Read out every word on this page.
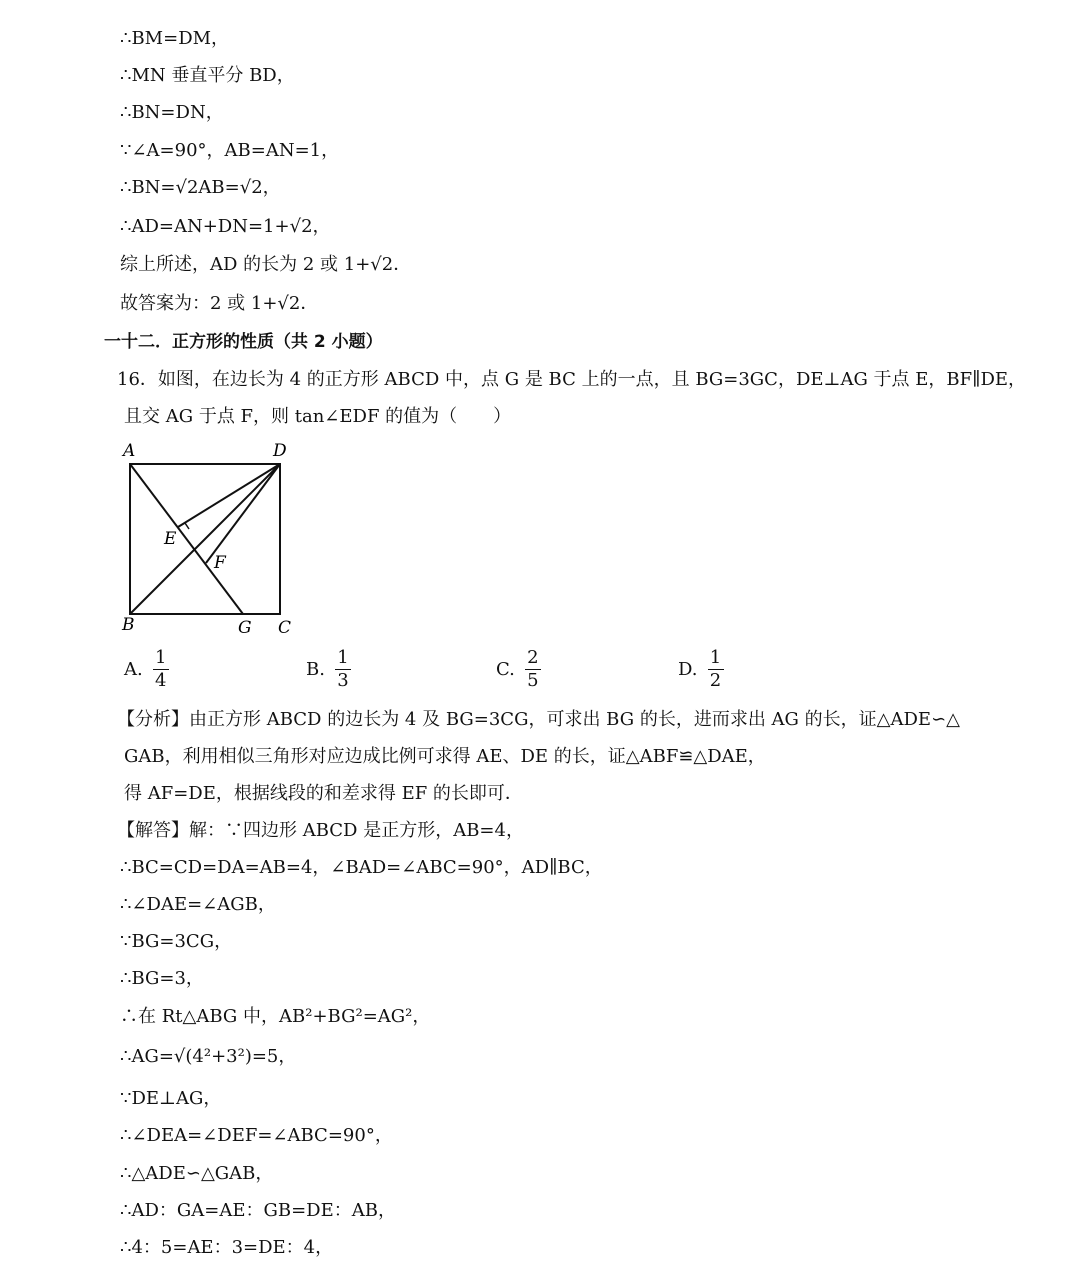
∴BM=DM，
∴MN 垂直平分 BD，
∴BN=DN，
∵∠A=90°，AB=AN=1，
∴BN=√2AB=√2，
∴AD=AN+DN=1+√2，
综上所述，AD 的长为 2 或 1+√2．
故答案为：2 或 1+√2．
一十二．正方形的性质（共 2 小题）
16．如图，在边长为 4 的正方形 ABCD 中，点 G 是 BC 上的一点，且 BG=3GC，DE⊥AG 于点 E，BF∥DE，
且交 AG 于点 F，则 tan∠EDF 的值为（　　）
A	D
B	G C
E
F
A. $\frac{1}{4}$	B. $\frac{1}{3}$	C. $\frac{2}{5}$	D. $\frac{1}{2}$
【分析】由正方形 ABCD 的边长为 4 及 BG=3CG，可求出 BG 的长，进而求出 AG 的长，证△ADE∽△
GAB，利用相似三角形对应边成比例可求得 AE、DE 的长，证△ABF≌△DAE，
得 AF=DE，根据线段的和差求得 EF 的长即可．
【解答】解：∵四边形 ABCD 是正方形，AB=4，
∴BC=CD=DA=AB=4，∠BAD=∠ABC=90°，AD∥BC，
∴∠DAE=∠AGB，
∵BG=3CG，
∴BG=3，
∴在 Rt△ABG 中，AB²+BG²=AG²，
∴AG=√(4²+3²)=5，
∵DE⊥AG，
∴∠DEA=∠DEF=∠ABC=90°，
∴△ADE∽△GAB，
∴AD：GA=AE：GB=DE：AB，
∴4：5=AE：3=DE：4，
